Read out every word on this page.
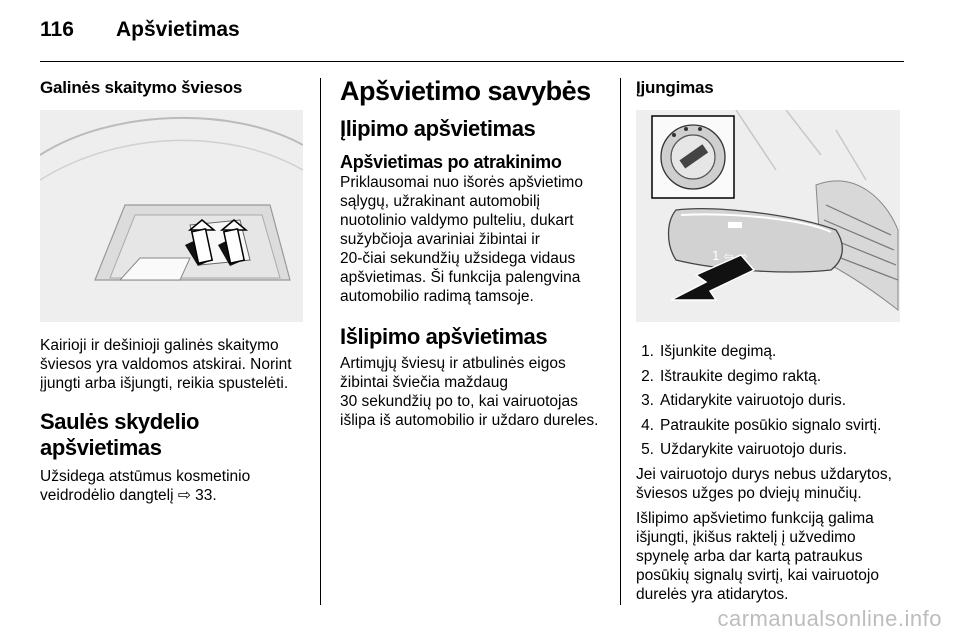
116 Apšvietimas
Galinės skaitymo šviesos

Kairioji ir dešinioji galinės skaitymo
šviesos yra valdomos atskirai. Norint
įjungti arba išjungti, reikia spustelėti.

Saulės skydelio
apšvietimas

Užsidega atstūmus kosmetinio
veidrodėlio dangtelį ⇨ 33.

Apšvietimo savybės
Įlipimo apšvietimas
Apšvietimas po atrakinimo

Priklausomai nuo išorės apšvietimo
sąlygų, užrakinant automobilį
nuotolinio valdymo pulteliu, dukart
sužybčioja avariniai žibintai ir
20-čiai sekundžių užsidega vidaus
apšvietimas. Ši funkcija palengvina
automobilio radimą tamsoje.

Išlipimo apšvietimas

Artimųjų šviesų ir atbulinės eigos
žibintai šviečia maždaug
30 sekundžių po to, kai vairuotojas
išlipa iš automobilio ir uždaro dureles.

Įjungimas
1 ⇦ ⇨
1. Išjunkite degimą.
2. Ištraukite degimo raktą.
3. Atidarykite vairuotojo duris.
4. Patraukite posūkio signalo svirtį.
5. Uždarykite vairuotojo duris.

Jei vairuotojo durys nebus uždarytos,
šviesos užges po dviejų minučių.

Išlipimo apšvietimo funkciją galima
išjungti, įkišus raktelį į užvedimo
spynelę arba dar kartą patraukus
posūkių signalų svirtį, kai vairuotojo
durelės yra atidarytos.

carmanualsonline.info
